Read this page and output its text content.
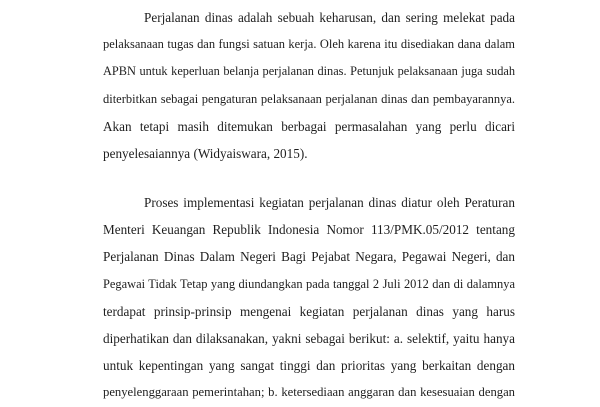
Perjalanan dinas adalah sebuah keharusan, dan sering melekat pada
pelaksanaan tugas dan fungsi satuan kerja. Oleh karena itu disediakan dana dalam
APBN untuk keperluan belanja perjalanan dinas. Petunjuk pelaksanaan juga sudah
diterbitkan sebagai pengaturan pelaksanaan perjalanan dinas dan pembayarannya.
Akan tetapi masih ditemukan berbagai permasalahan yang perlu dicari
penyelesaiannya (Widyaiswara, 2015).
Proses implementasi kegiatan perjalanan dinas diatur oleh Peraturan
Menteri Keuangan Republik Indonesia Nomor 113/PMK.05/2012 tentang
Perjalanan Dinas Dalam Negeri Bagi Pejabat Negara, Pegawai Negeri, dan
Pegawai Tidak Tetap yang diundangkan pada tanggal 2 Juli 2012 dan di dalamnya
terdapat prinsip-prinsip mengenai kegiatan perjalanan dinas yang harus
diperhatikan dan dilaksanakan, yakni sebagai berikut: a. selektif, yaitu hanya
untuk kepentingan yang sangat tinggi dan prioritas yang berkaitan dengan
penyelenggaraan pemerintahan; b. ketersediaan anggaran dan kesesuaian dengan
